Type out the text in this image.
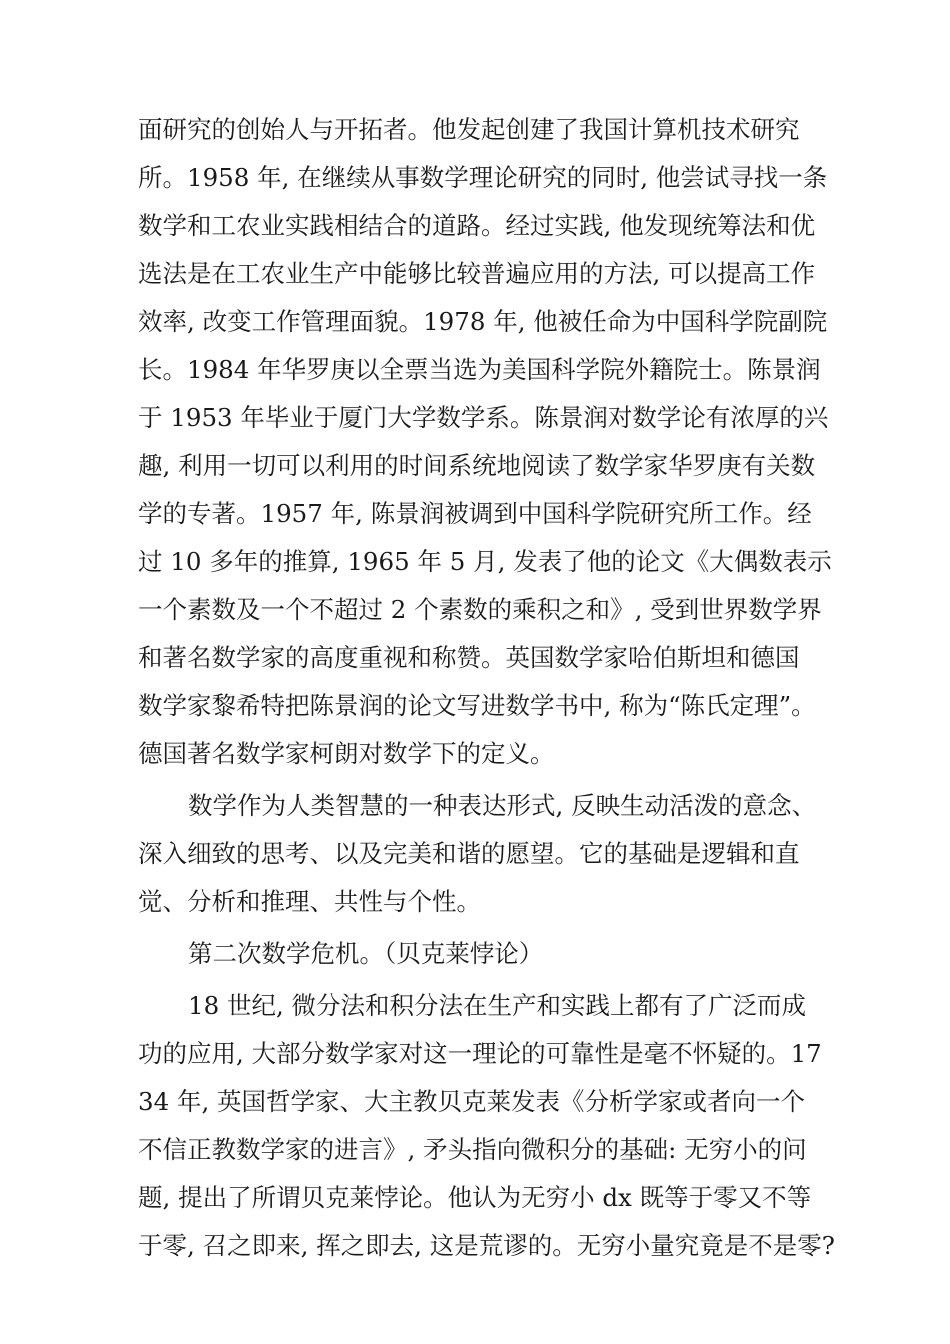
面研究的创始人与开拓者。他发起创建了我国计算机技术研究
所。1958 年, 在继续从事数学理论研究的同时, 他尝试寻找一条
数学和工农业实践相结合的道路。经过实践, 他发现统筹法和优
选法是在工农业生产中能够比较普遍应用的方法, 可以提高工作
效率, 改变工作管理面貌。1978 年, 他被任命为中国科学院副院
长。1984 年华罗庚以全票当选为美国科学院外籍院士。陈景润
于 1953 年毕业于厦门大学数学系。陈景润对数学论有浓厚的兴
趣, 利用一切可以利用的时间系统地阅读了数学家华罗庚有关数
学的专著。1957 年, 陈景润被调到中国科学院研究所工作。经
过 10 多年的推算, 1965 年 5 月, 发表了他的论文《大偶数表示
一个素数及一个不超过 2 个素数的乘积之和》, 受到世界数学界
和著名数学家的高度重视和称赞。英国数学家哈伯斯坦和德国
数学家黎希特把陈景润的论文写进数学书中, 称为“陈氏定理”。
德国著名数学家柯朗对数学下的定义。
数学作为人类智慧的一种表达形式, 反映生动活泼的意念、
深入细致的思考、以及完美和谐的愿望。它的基础是逻辑和直
觉、分析和推理、共性与个性。
第二次数学危机。（贝克莱悖论）
18 世纪, 微分法和积分法在生产和实践上都有了广泛而成
功的应用, 大部分数学家对这一理论的可靠性是毫不怀疑的。17
34 年, 英国哲学家、大主教贝克莱发表《分析学家或者向一个
不信正教数学家的进言》, 矛头指向微积分的基础: 无穷小的问
题, 提出了所谓贝克莱悖论。他认为无穷小 dx 既等于零又不等
于零, 召之即来, 挥之即去, 这是荒谬的。无穷小量究竟是不是零?
